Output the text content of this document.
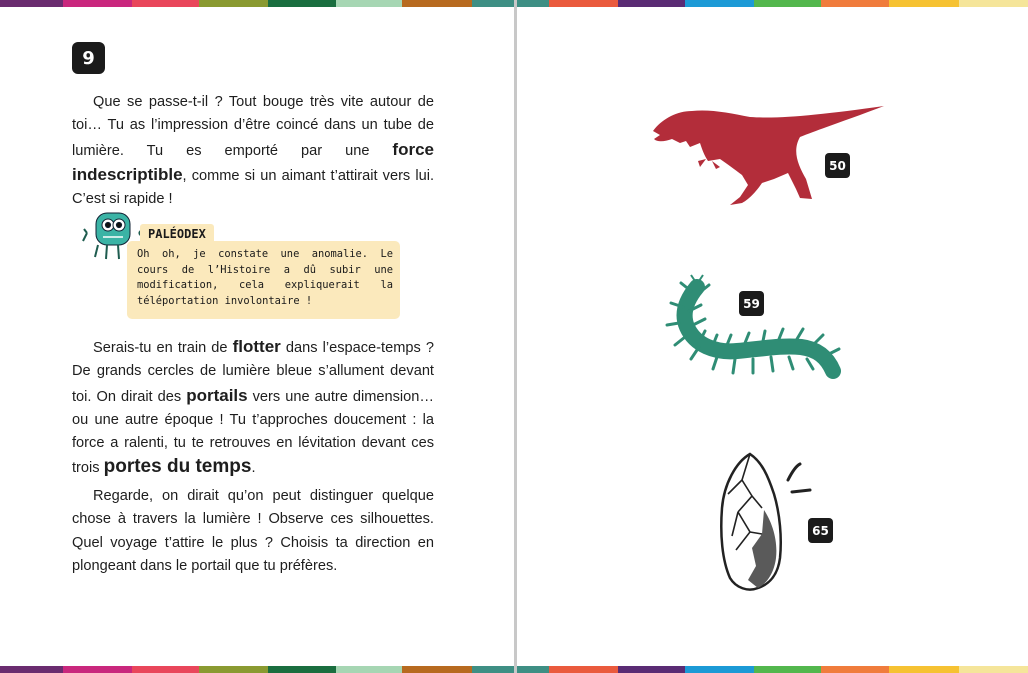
9

Que se passe-t-il ? Tout bouge très vite autour de toi… Tu as l’impression d’être coincé dans un tube de lumière. Tu es emporté par une force indescriptible, comme si un aimant t’attirait vers lui. C’est si rapide !

PALÉODEX
Oh oh, je constate une anomalie. Le cours de l’Histoire a dû subir une modification, cela expliquerait la téléportation involontaire !

Serais-tu en train de flotter dans l’espace-temps ? De grands cercles de lumière bleue s’allument devant toi. On dirait des portails vers une autre dimension… ou une autre époque ! Tu t’approches doucement : la force a ralenti, tu te retrouves en lévitation devant ces trois portes du temps.

Regarde, on dirait qu’on peut distinguer quelque chose à travers la lumière ! Observe ces silhouettes. Quel voyage t’attire le plus ? Choisis ta direction en plongeant dans le portail que tu préfères.

50
59
65
